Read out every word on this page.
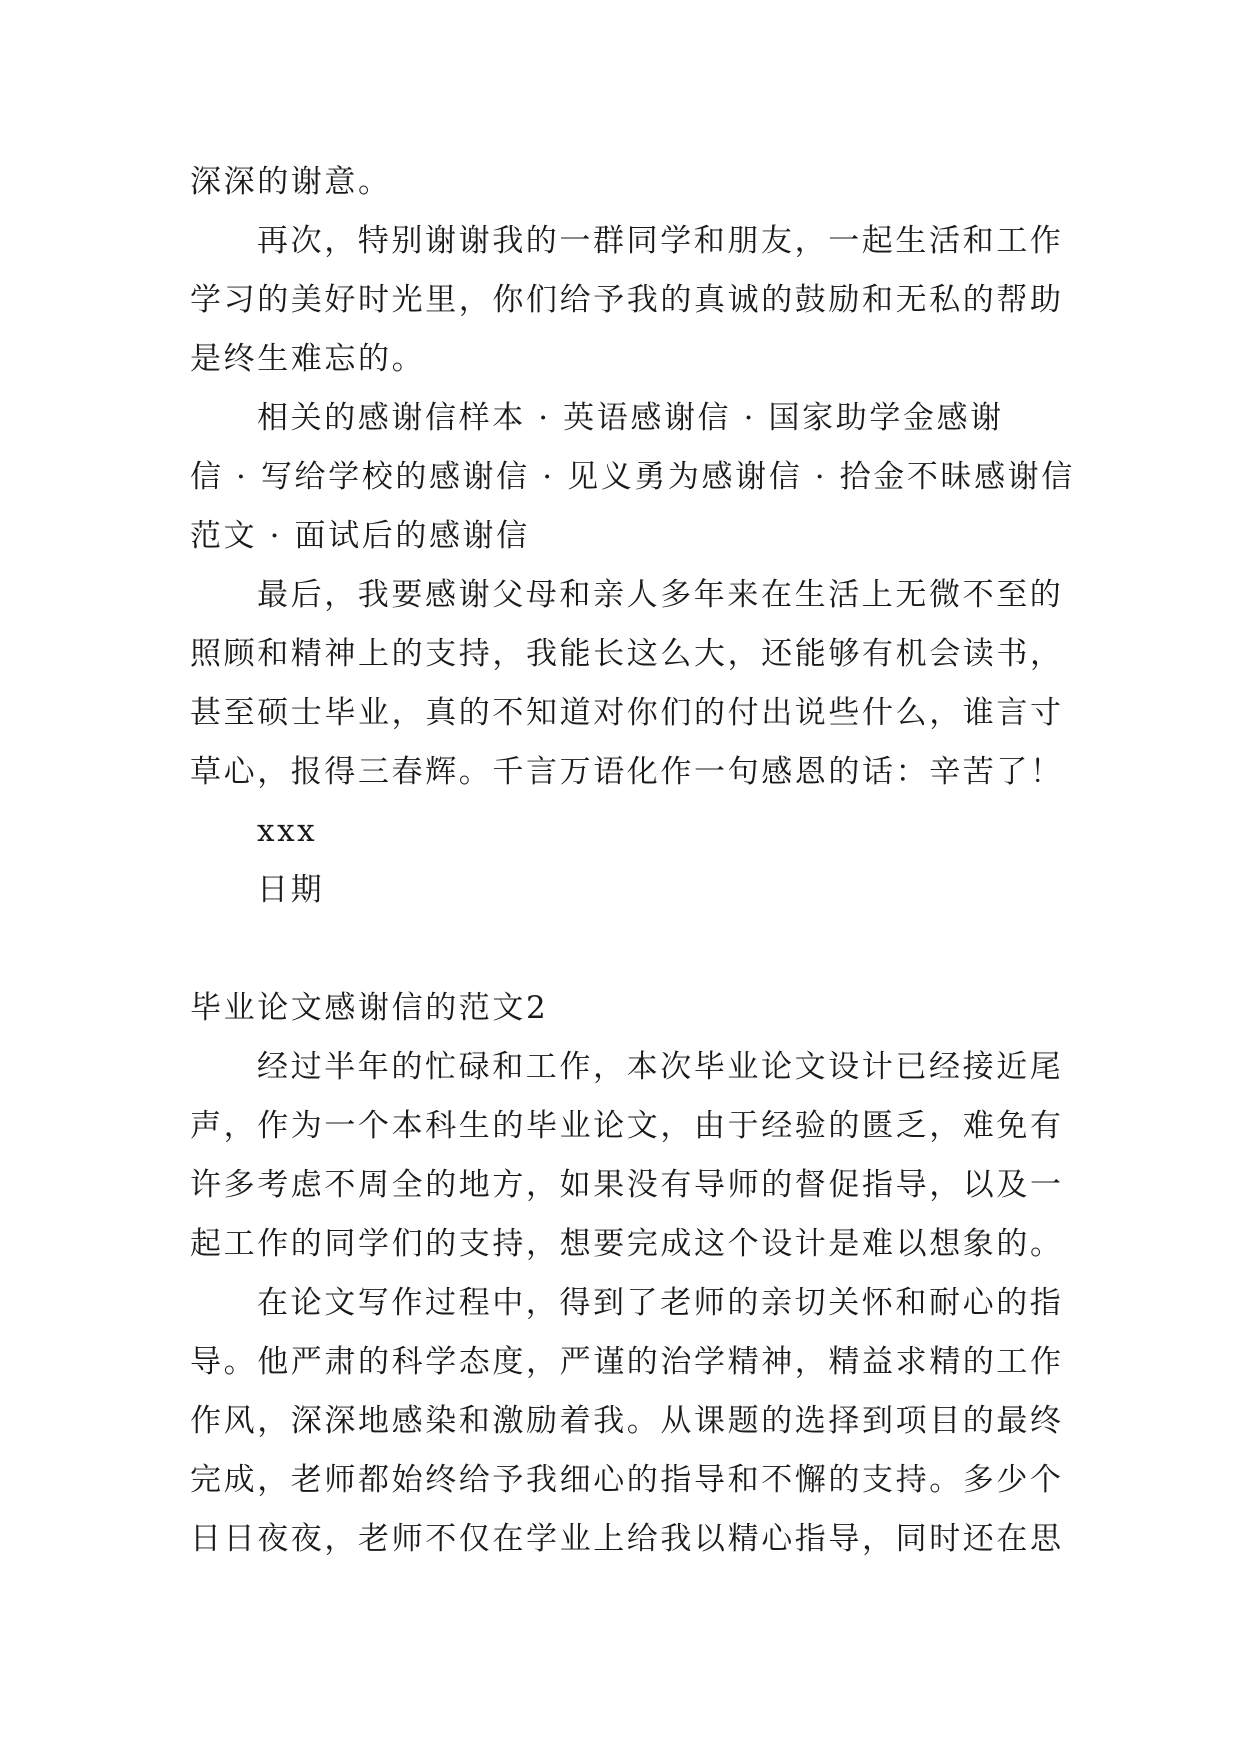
深深的谢意。

再次，特别谢谢我的一群同学和朋友，一起生活和工作

学习的美好时光里，你们给予我的真诚的鼓励和无私的帮助

是终生难忘的。

相关的感谢信样本 · 英语感谢信 · 国家助学金感谢

信 · 写给学校的感谢信 · 见义勇为感谢信 · 拾金不昧感谢信

范文 · 面试后的感谢信

最后，我要感谢父母和亲人多年来在生活上无微不至的

照顾和精神上的支持，我能长这么大，还能够有机会读书，

甚至硕士毕业，真的不知道对你们的付出说些什么，谁言寸

草心，报得三春辉。千言万语化作一句感恩的话：辛苦了！

xxx

日期

毕业论文感谢信的范文2

经过半年的忙碌和工作，本次毕业论文设计已经接近尾

声，作为一个本科生的毕业论文，由于经验的匮乏，难免有

许多考虑不周全的地方，如果没有导师的督促指导，以及一

起工作的同学们的支持，想要完成这个设计是难以想象的。

在论文写作过程中，得到了老师的亲切关怀和耐心的指

导。他严肃的科学态度，严谨的治学精神，精益求精的工作

作风，深深地感染和激励着我。从课题的选择到项目的最终

完成，老师都始终给予我细心的指导和不懈的支持。多少个

日日夜夜，老师不仅在学业上给我以精心指导，同时还在思
